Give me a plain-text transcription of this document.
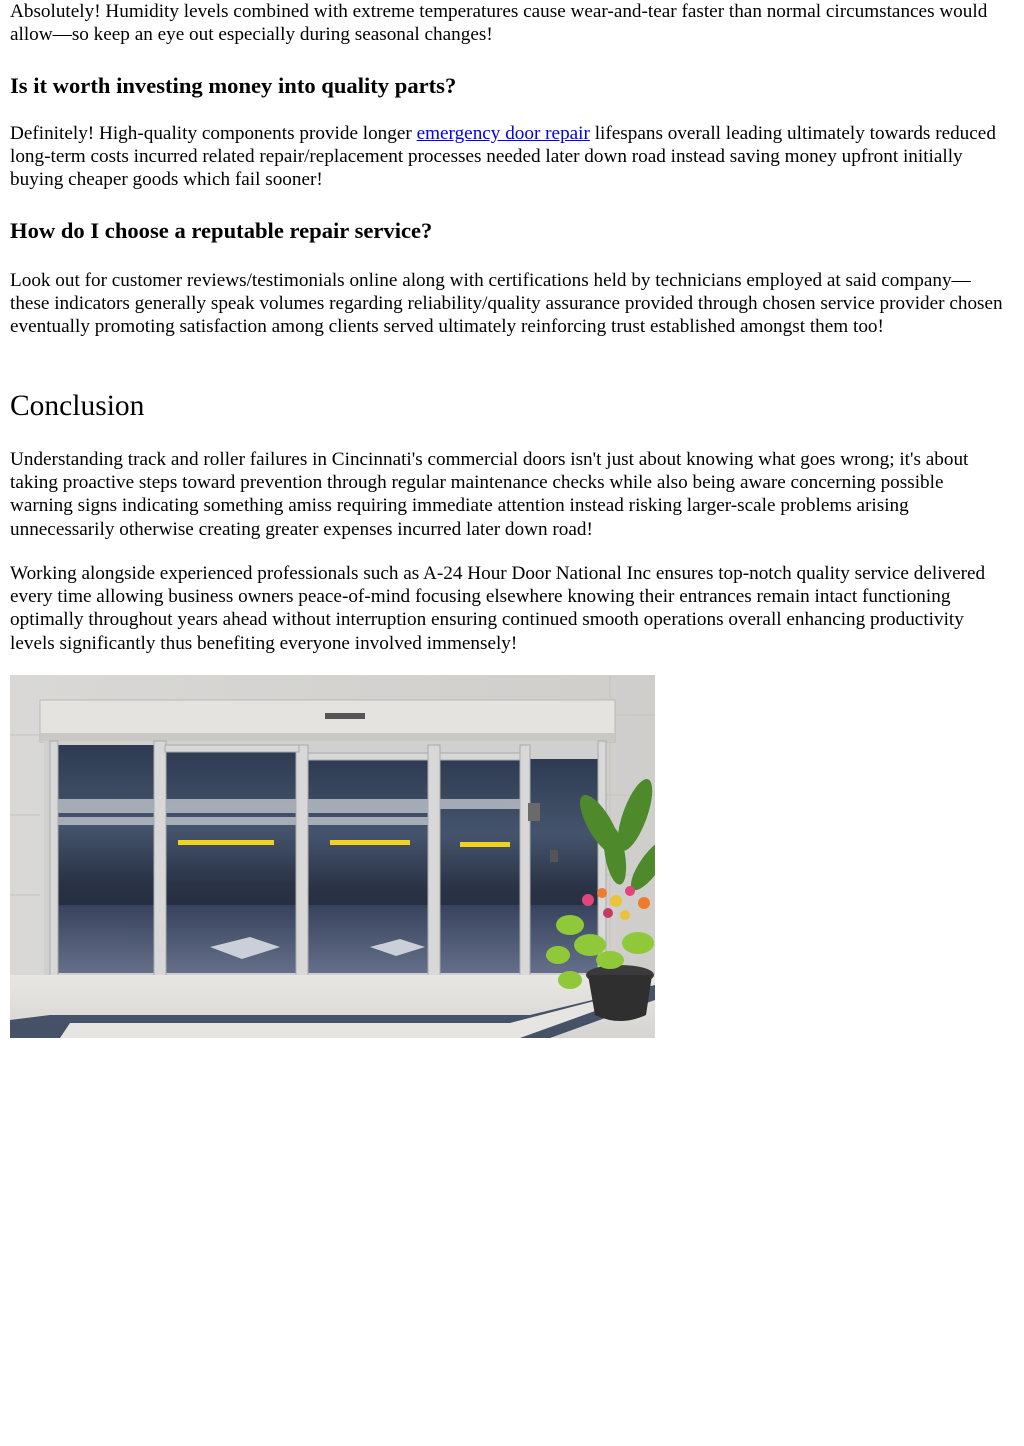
Absolutely! Humidity levels combined with extreme temperatures cause wear-and-tear faster than normal circumstances would allow—so keep an eye out especially during seasonal changes!

Is it worth investing money into quality parts?

Definitely! High-quality components provide longer emergency door repair lifespans overall leading ultimately towards reduced long-term costs incurred related repair/replacement processes needed later down road instead saving money upfront initially buying cheaper goods which fail sooner!

How do I choose a reputable repair service?

Look out for customer reviews/testimonials online along with certifications held by technicians employed at said company—these indicators generally speak volumes regarding reliability/quality assurance provided through chosen service provider chosen eventually promoting satisfaction among clients served ultimately reinforcing trust established amongst them too!

Conclusion

Understanding track and roller failures in Cincinnati's commercial doors isn't just about knowing what goes wrong; it's about taking proactive steps toward prevention through regular maintenance checks while also being aware concerning possible warning signs indicating something amiss requiring immediate attention instead risking larger-scale problems arising unnecessarily otherwise creating greater expenses incurred later down road!

Working alongside experienced professionals such as A-24 Hour Door National Inc ensures top-notch quality service delivered every time allowing business owners peace-of-mind focusing elsewhere knowing their entrances remain intact functioning optimally throughout years ahead without interruption ensuring continued smooth operations overall enhancing productivity levels significantly thus benefiting everyone involved immensely!
